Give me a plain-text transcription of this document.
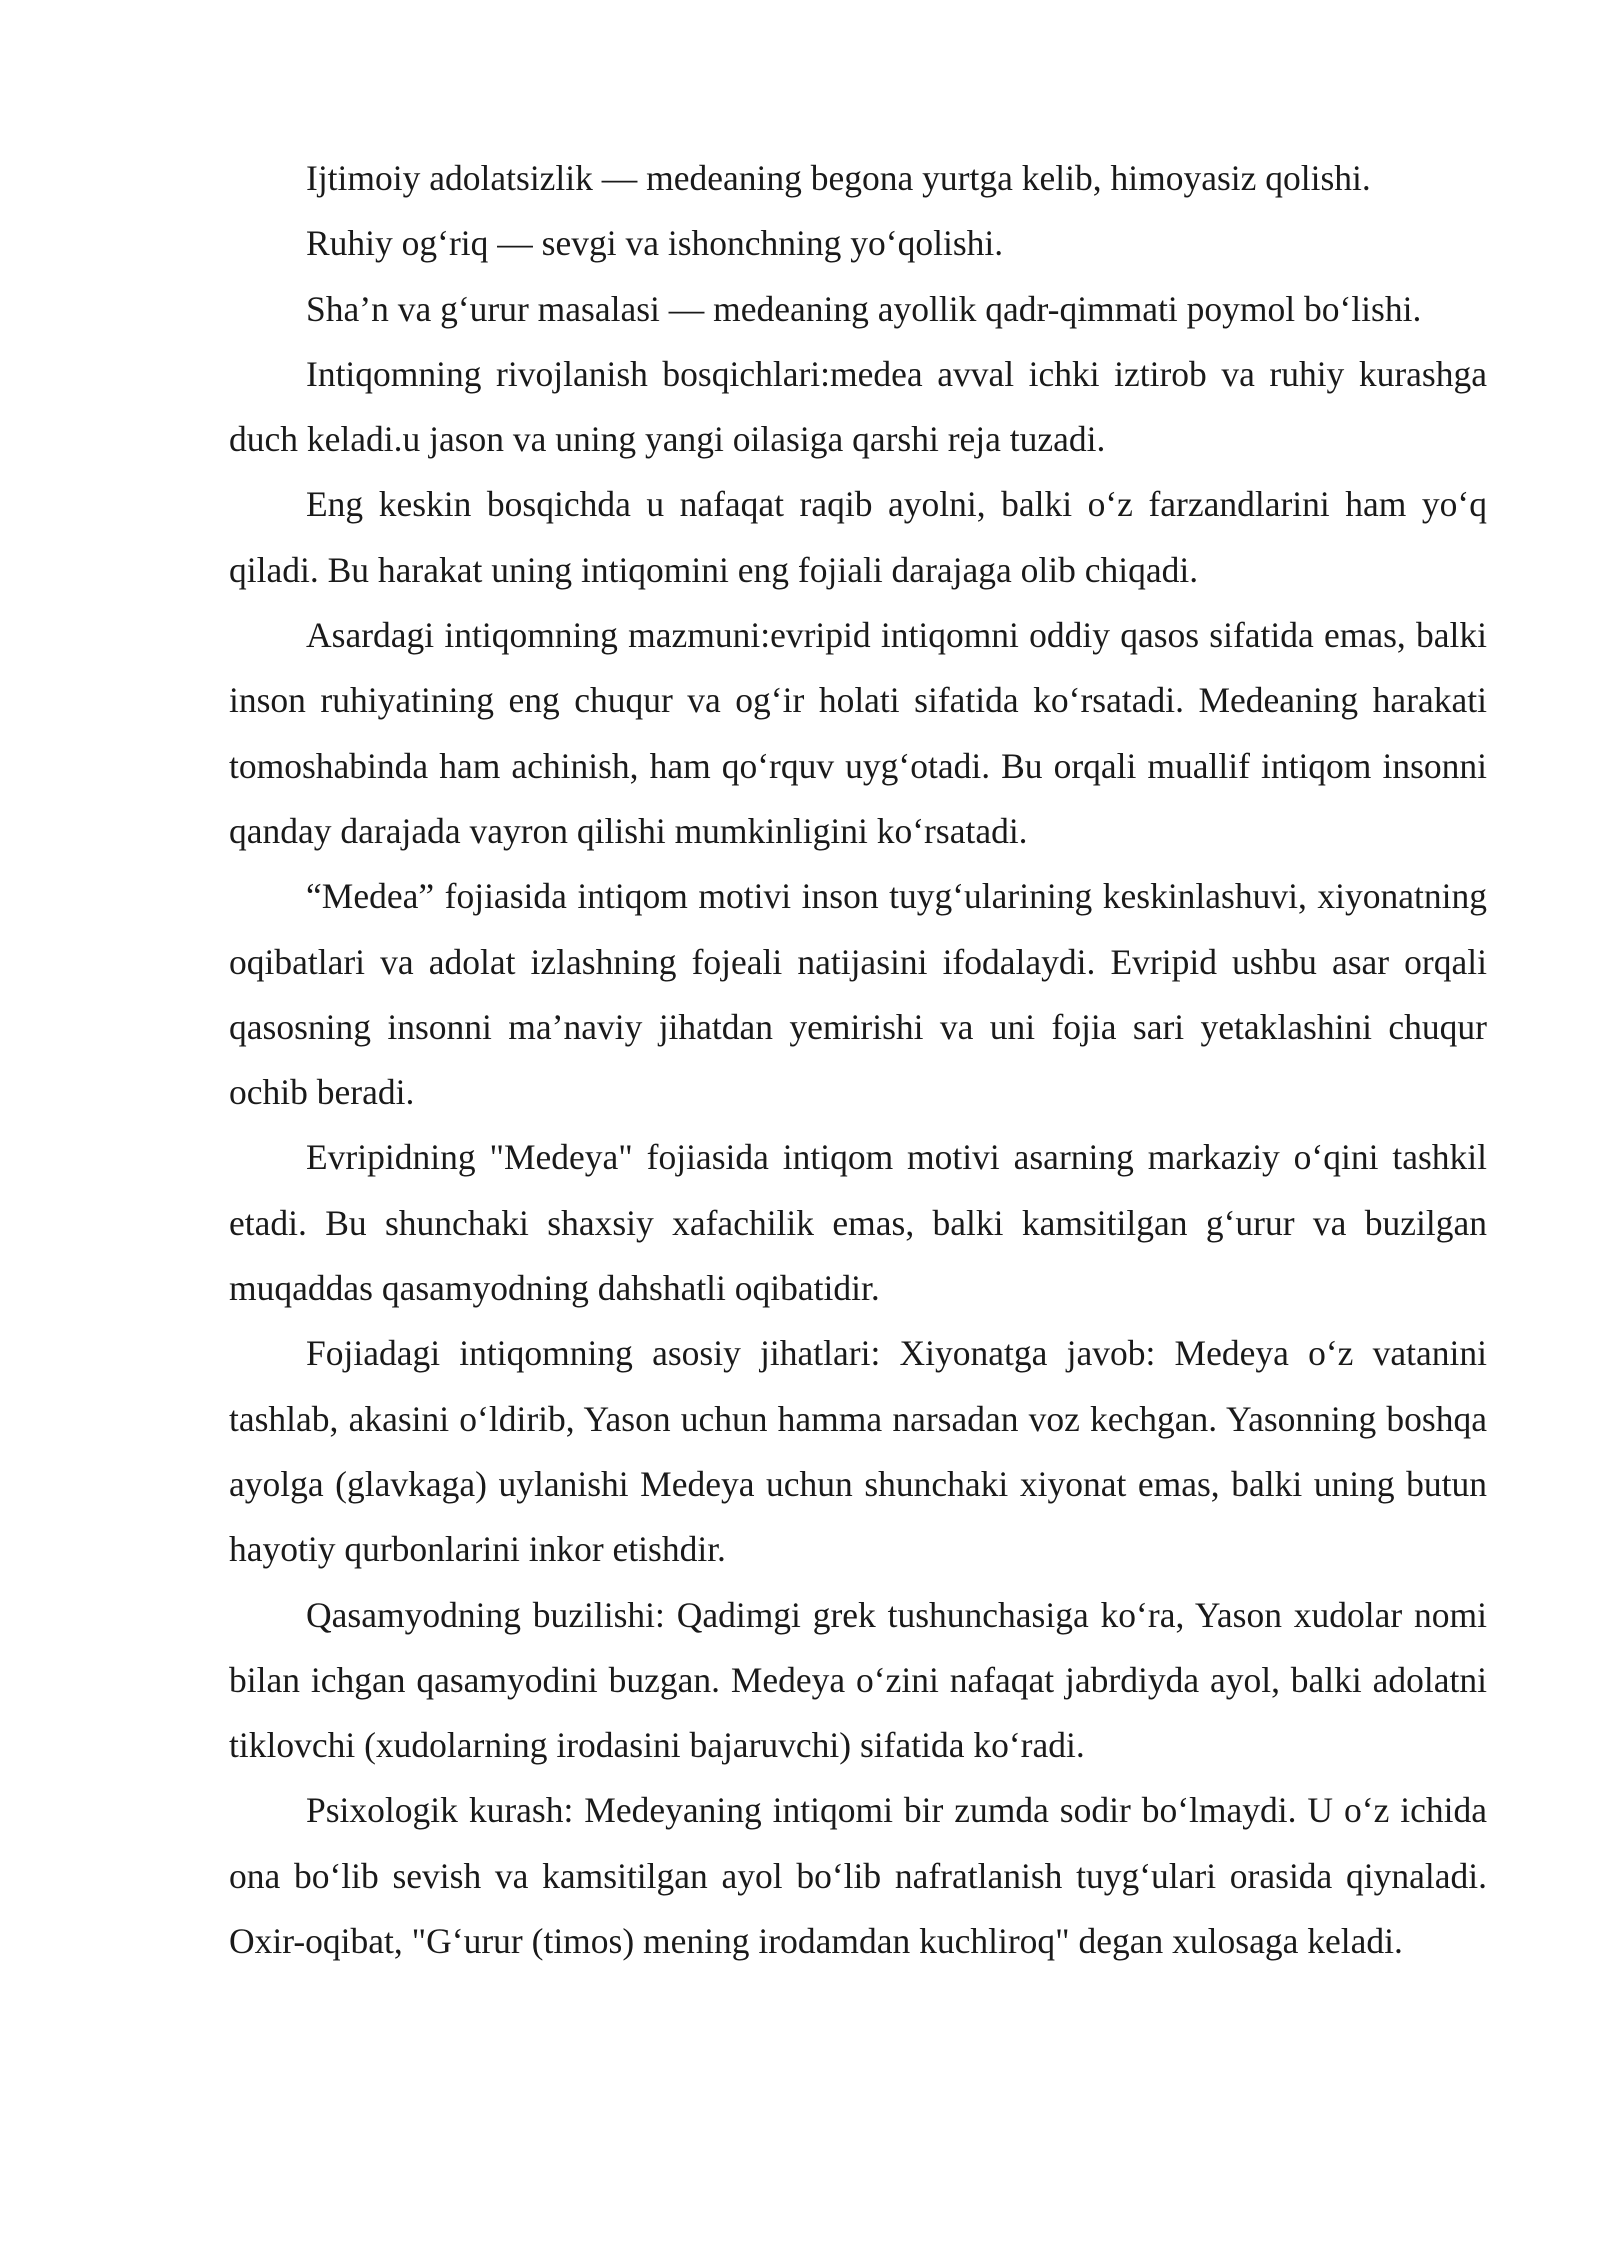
Ijtimoiy adolatsizlik — medeaning begona yurtga kelib, himoyasiz qolishi.

Ruhiy og‘riq — sevgi va ishonchning yo‘qolishi.

Sha’n va g‘urur masalasi — medeaning ayollik qadr-qimmati poymol bo‘lishi.

Intiqomning rivojlanish bosqichlari:medea avval ichki iztirob va ruhiy kurashga duch keladi.u jason va uning yangi oilasiga qarshi reja tuzadi.

Eng keskin bosqichda u nafaqat raqib ayolni, balki o‘z farzandlarini ham yo‘q qiladi. Bu harakat uning intiqomini eng fojiali darajaga olib chiqadi.

Asardagi intiqomning mazmuni:evripid intiqomni oddiy qasos sifatida emas, balki inson ruhiyatining eng chuqur va og‘ir holati sifatida ko‘rsatadi. Medeaning harakati tomoshabinda ham achinish, ham qo‘rquv uyg‘otadi. Bu orqali muallif intiqom insonni qanday darajada vayron qilishi mumkinligini ko‘rsatadi.

“Medea” fojiasida intiqom motivi inson tuyg‘ularining keskinlashuvi, xiyonatning oqibatlari va adolat izlashning fojeali natijasini ifodalaydi. Evripid ushbu asar orqali qasosning insonni ma’naviy jihatdan yemirishi va uni fojia sari yetaklashini chuqur ochib beradi.

Evripidning "Medeya" fojiasida intiqom motivi asarning markaziy o‘qini tashkil etadi. Bu shunchaki shaxsiy xafachilik emas, balki kamsitilgan g‘urur va buzilgan muqaddas qasamyodning dahshatli oqibatidir.

Fojiadagi intiqomning asosiy jihatlari: Xiyonatga javob: Medeya o‘z vatanini tashlab, akasini o‘ldirib, Yason uchun hamma narsadan voz kechgan. Yasonning boshqa ayolga (glavkaga) uylanishi Medeya uchun shunchaki xiyonat emas, balki uning butun hayotiy qurbonlarini inkor etishdir.

Qasamyodning buzilishi: Qadimgi grek tushunchasiga ko‘ra, Yason xudolar nomi bilan ichgan qasamyodini buzgan. Medeya o‘zini nafaqat jabrdiyda ayol, balki adolatni tiklovchi (xudolarning irodasini bajaruvchi) sifatida ko‘radi.

Psixologik kurash: Medeyaning intiqomi bir zumda sodir bo‘lmaydi. U o‘z ichida ona bo‘lib sevish va kamsitilgan ayol bo‘lib nafratlanish tuyg‘ulari orasida qiynaladi. Oxir-oqibat, "G‘urur (timos) mening irodamdan kuchliroq" degan xulosaga keladi.
